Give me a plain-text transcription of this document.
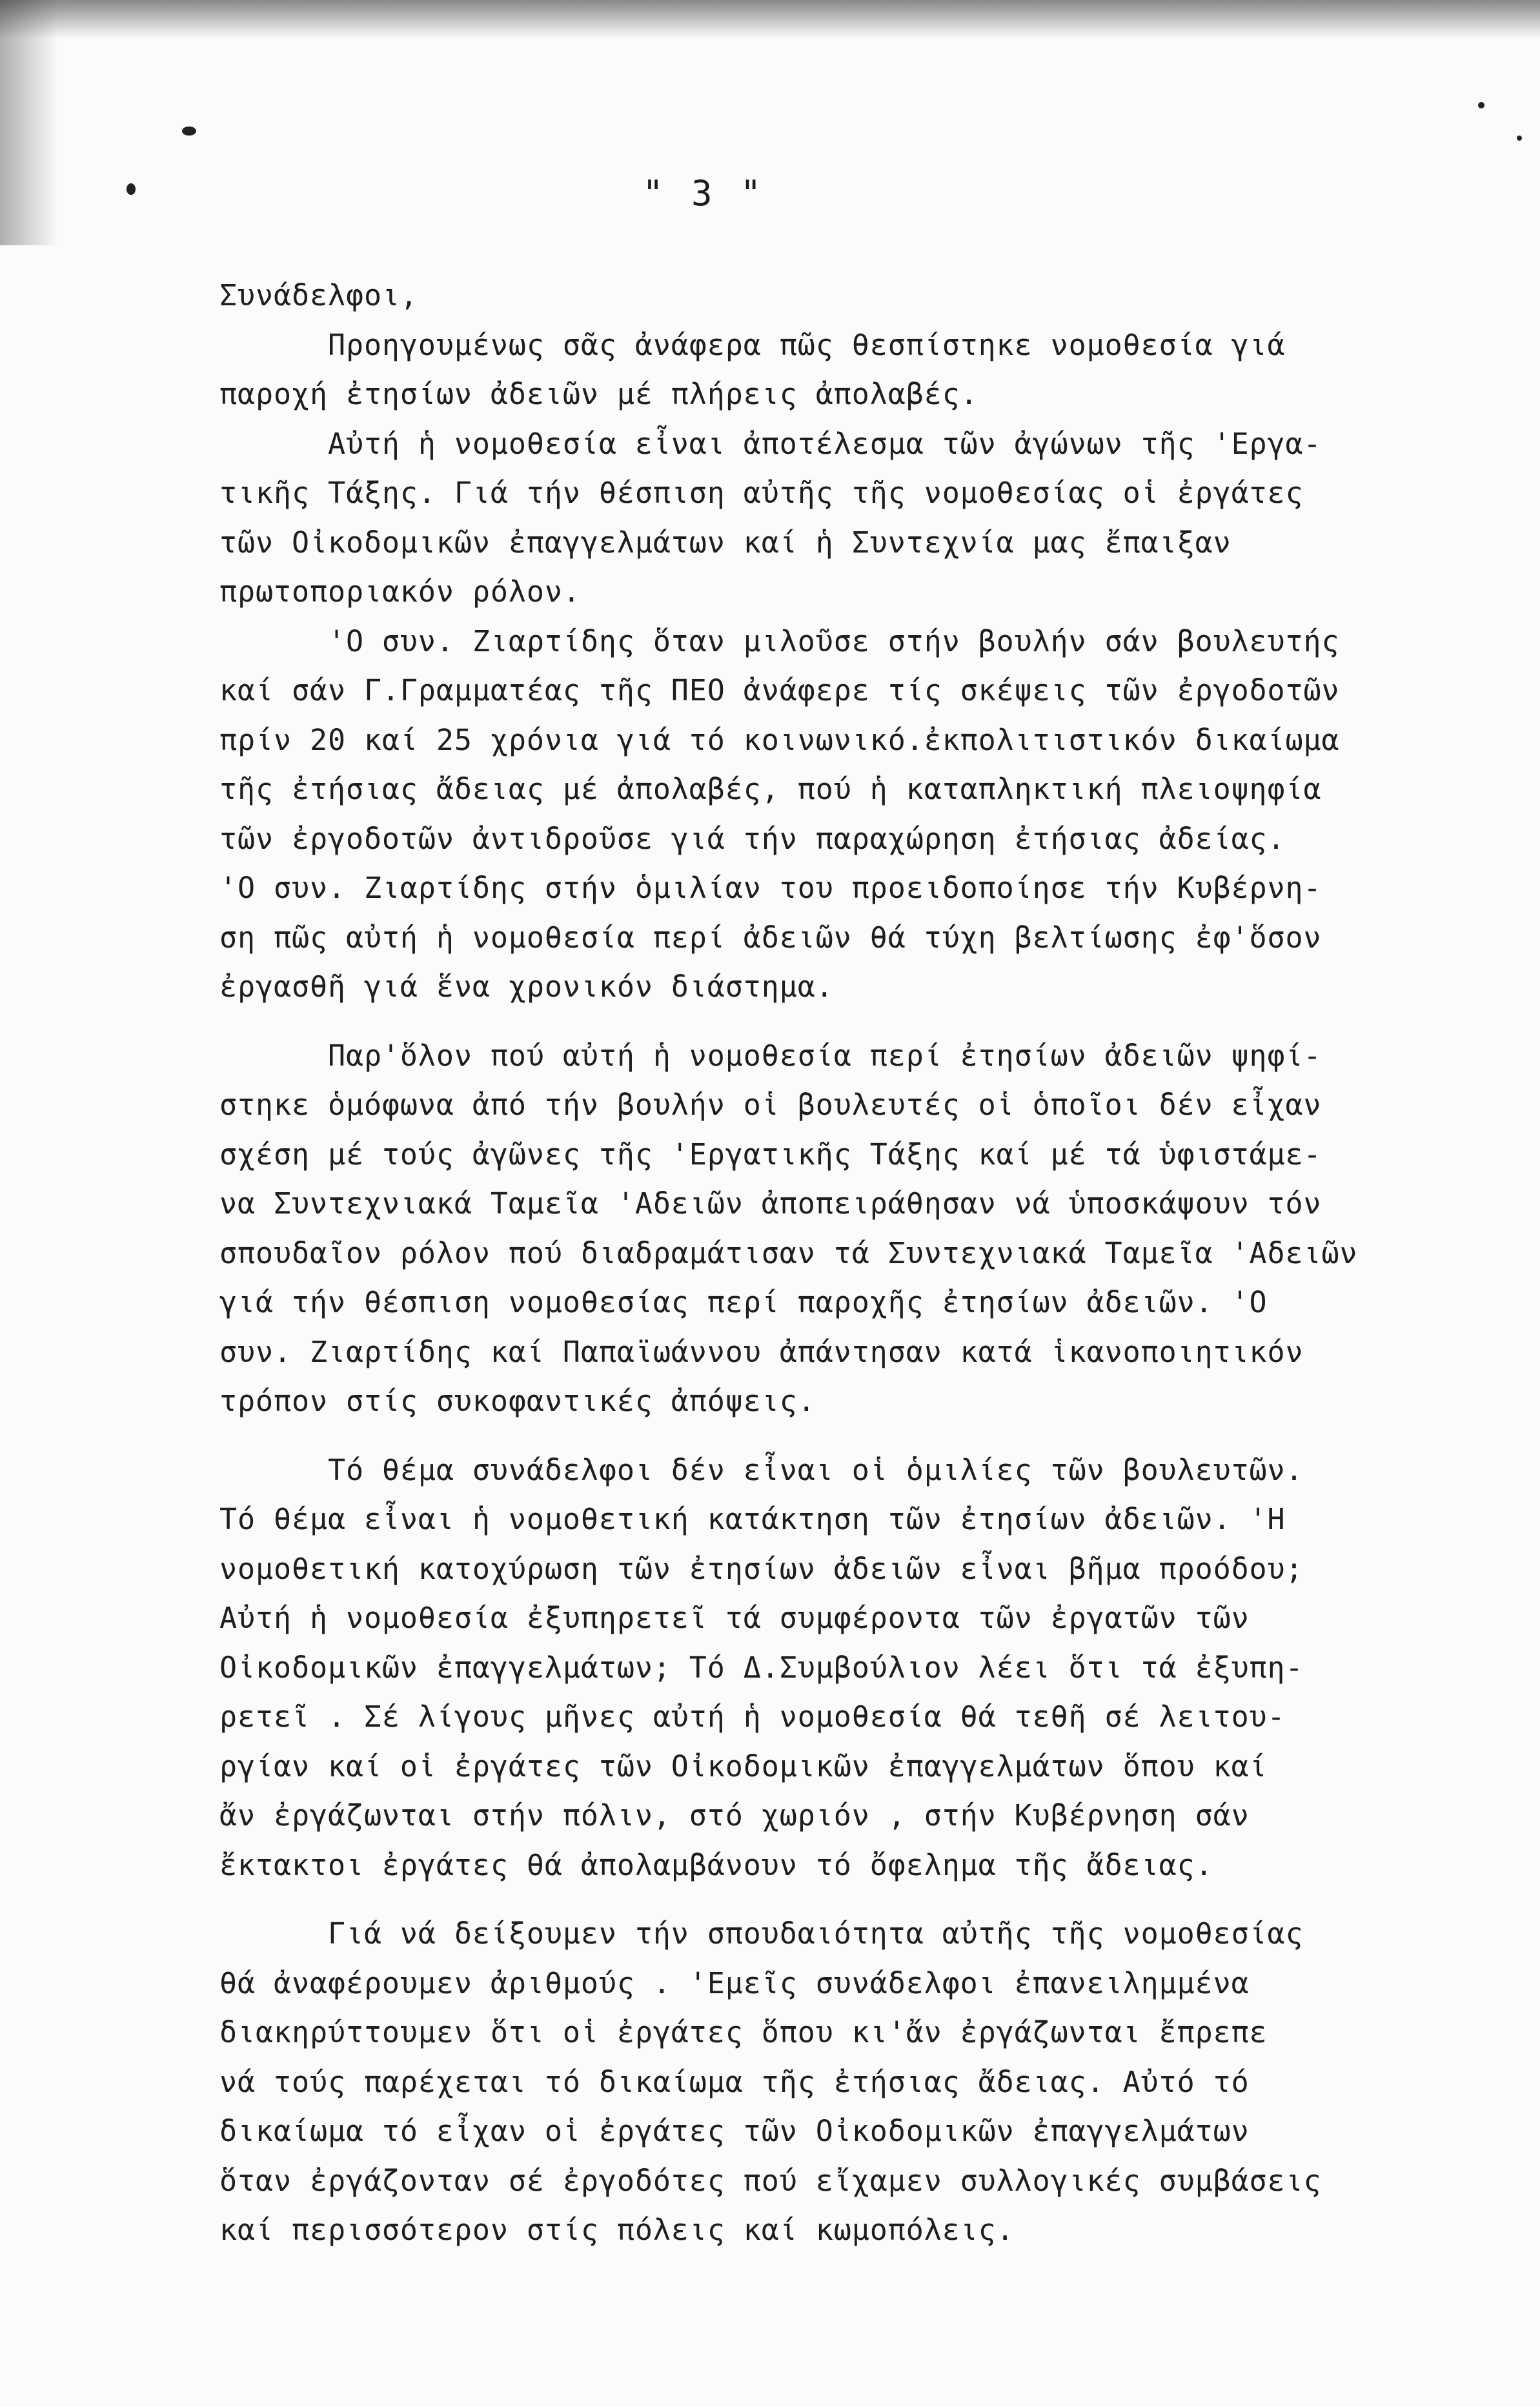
" 3 "

Συνάδελφοι,

Προηγουμένως σᾶς ἀνάφερα πῶς θεσπίστηκε νομοθεσία γιά
παροχή ἐτησίων ἀδειῶν μέ πλήρεις ἀπολαβές.
Αὐτή ἡ νομοθεσία εἶναι ἀποτέλεσμα τῶν ἀγώνων τῆς 'Εργα-
τικῆς Τάξης. Γιά τήν θέσπιση αὐτῆς τῆς νομοθεσίας οἱ ἐργάτες
τῶν Οἰκοδομικῶν ἐπαγγελμάτων καί ἡ Συντεχνία μας ἔπαιξαν
πρωτοποριακόν ρόλον.
'Ο συν. Ζιαρτίδης ὅταν μιλοῦσε στήν βουλήν σάν βουλευτής
καί σάν Γ.Γραμματέας τῆς ΠΕΟ ἀνάφερε τίς σκέψεις τῶν ἐργοδοτῶν
πρίν 20 καί 25 χρόνια γιά τό κοινωνικό.ἐκπολιτιστικόν δικαίωμα
τῆς ἐτήσιας ἄδειας μέ ἀπολαβές, πού ἡ καταπληκτική πλειοψηφία
τῶν ἐργοδοτῶν ἀντιδροῦσε γιά τήν παραχώρηση ἐτήσιας ἀδείας.
'Ο συν. Ζιαρτίδης στήν ὁμιλίαν του προειδοποίησε τήν Κυβέρνη-
ση πῶς αὐτή ἡ νομοθεσία περί ἀδειῶν θά τύχη βελτίωσης ἐφ'ὅσον
ἐργασθῆ γιά ἕνα χρονικόν διάστημα.
Παρ'ὅλον πού αὐτή ἡ νομοθεσία περί ἐτησίων ἀδειῶν ψηφί-
στηκε ὁμόφωνα ἀπό τήν βουλήν οἱ βουλευτές οἱ ὁποῖοι δέν εἶχαν
σχέση μέ τούς ἀγῶνες τῆς 'Εργατικῆς Τάξης καί μέ τά ὑφιστάμε-
να Συντεχνιακά Ταμεῖα 'Αδειῶν ἀποπειράθησαν νά ὑποσκάψουν τόν
σπουδαῖον ρόλον πού διαδραμάτισαν τά Συντεχνιακά Ταμεῖα 'Αδειῶν
γιά τήν θέσπιση νομοθεσίας περί παροχῆς ἐτησίων ἀδειῶν. 'Ο
συν. Ζιαρτίδης καί Παπαϊωάννου ἀπάντησαν κατά ἱκανοποιητικόν
τρόπον στίς συκοφαντικές ἀπόψεις.
Τό θέμα συνάδελφοι δέν εἶναι οἱ ὁμιλίες τῶν βουλευτῶν.
Τό θέμα εἶναι ἡ νομοθετική κατάκτηση τῶν ἐτησίων ἀδειῶν. 'Η
νομοθετική κατοχύρωση τῶν ἐτησίων ἀδειῶν εἶναι βῆμα προόδου;
Αὐτή ἡ νομοθεσία ἐξυπηρετεῖ τά συμφέροντα τῶν ἐργατῶν τῶν
Οἰκοδομικῶν ἐπαγγελμάτων; Τό Δ.Συμβούλιον λέει ὅτι τά ἐξυπη-
ρετεῖ . Σέ λίγους μῆνες αὐτή ἡ νομοθεσία θά τεθῆ σέ λειτου-
ργίαν καί οἱ ἐργάτες τῶν Οἰκοδομικῶν ἐπαγγελμάτων ὅπου καί
ἄν ἐργάζωνται στήν πόλιν, στό χωριόν , στήν Κυβέρνηση σάν
ἔκτακτοι ἐργάτες θά ἀπολαμβάνουν τό ὄφελημα τῆς ἄδειας.
Γιά νά δείξουμεν τήν σπουδαιότητα αὐτῆς τῆς νομοθεσίας
θά ἀναφέρουμεν ἀριθμούς . 'Εμεῖς συνάδελφοι ἐπανειλημμένα
διακηρύττουμεν ὅτι οἱ ἐργάτες ὅπου κι'ἄν ἐργάζωνται ἔπρεπε
νά τούς παρέχεται τό δικαίωμα τῆς ἐτήσιας ἄδειας. Αὐτό τό
δικαίωμα τό εἶχαν οἱ ἐργάτες τῶν Οἰκοδομικῶν ἐπαγγελμάτων
ὅταν ἐργάζονταν σέ ἐργοδότες πού εἴχαμεν συλλογικές συμβάσεις
καί περισσότερον στίς πόλεις καί κωμοπόλεις.
